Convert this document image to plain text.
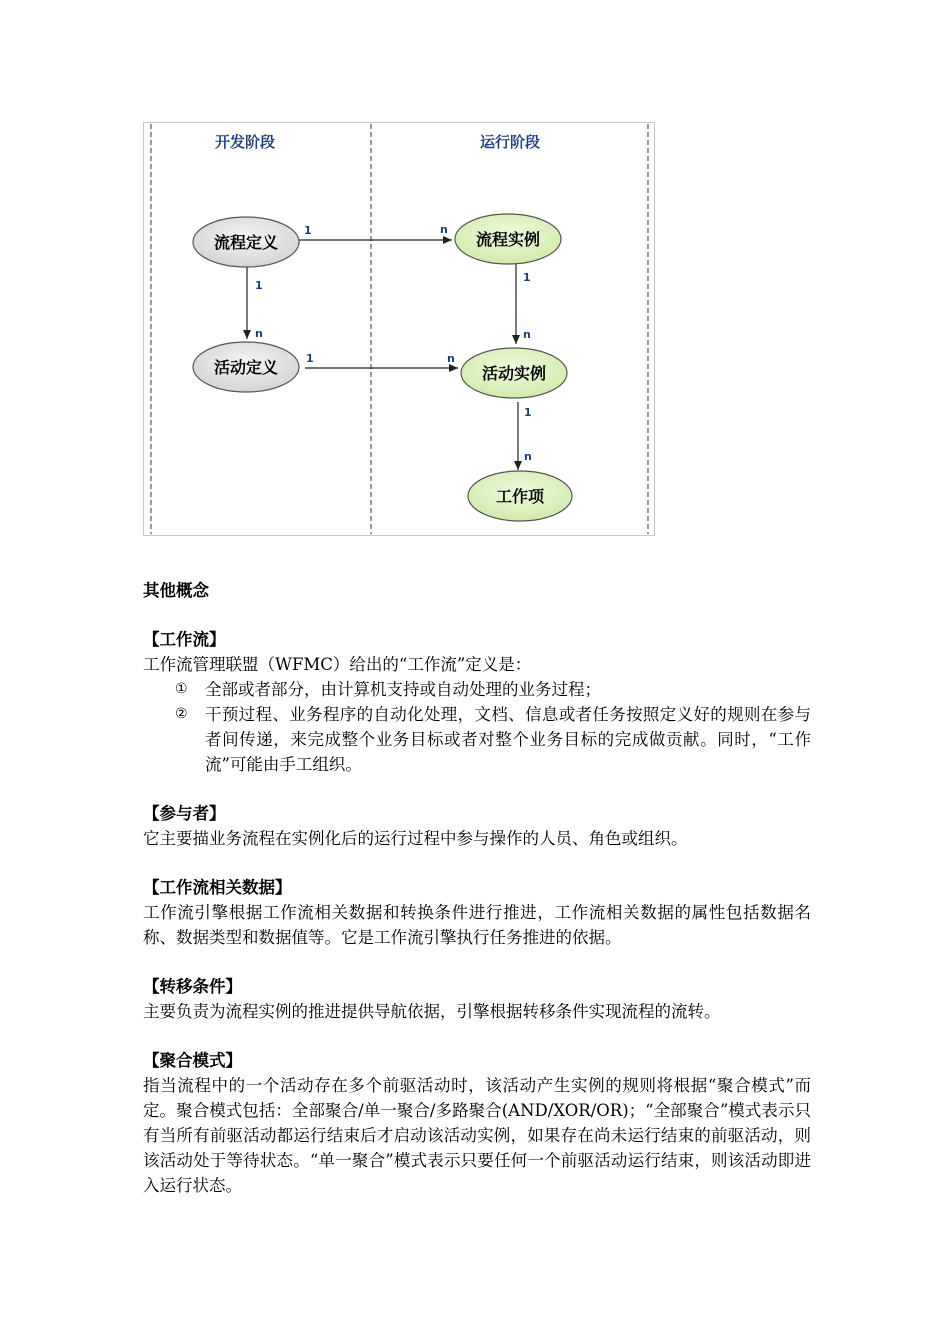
开发阶段	运行阶段
1	n
1
n
1	n
1
n
1
n
流程定义
活动定义
流程实例
活动实例
工作项

其他概念

【工作流】

工作流管理联盟（WFMC）给出的“工作流”定义是：

① 全部或者部分，由计算机支持或自动处理的业务过程；
② 干预过程、业务程序的自动化处理，文档、信息或者任务按照定义好的规则在参与者间传递，来完成整个业务目标或者对整个业务目标的完成做贡献。同时，“工作流”可能由手工组织。

【参与者】

它主要描业务流程在实例化后的运行过程中参与操作的人员、角色或组织。

【工作流相关数据】

工作流引擎根据工作流相关数据和转换条件进行推进，工作流相关数据的属性包括数据名称、数据类型和数据值等。它是工作流引擎执行任务推进的依据。

【转移条件】

主要负责为流程实例的推进提供导航依据，引擎根据转移条件实现流程的流转。

【聚合模式】

指当流程中的一个活动存在多个前驱活动时，该活动产生实例的规则将根据“聚合模式”而定。聚合模式包括：全部聚合/单一聚合/多路聚合(AND/XOR/OR)；“全部聚合”模式表示只有当所有前驱活动都运行结束后才启动该活动实例，如果存在尚未运行结束的前驱活动，则该活动处于等待状态。“单一聚合”模式表示只要任何一个前驱活动运行结束，则该活动即进入运行状态。
